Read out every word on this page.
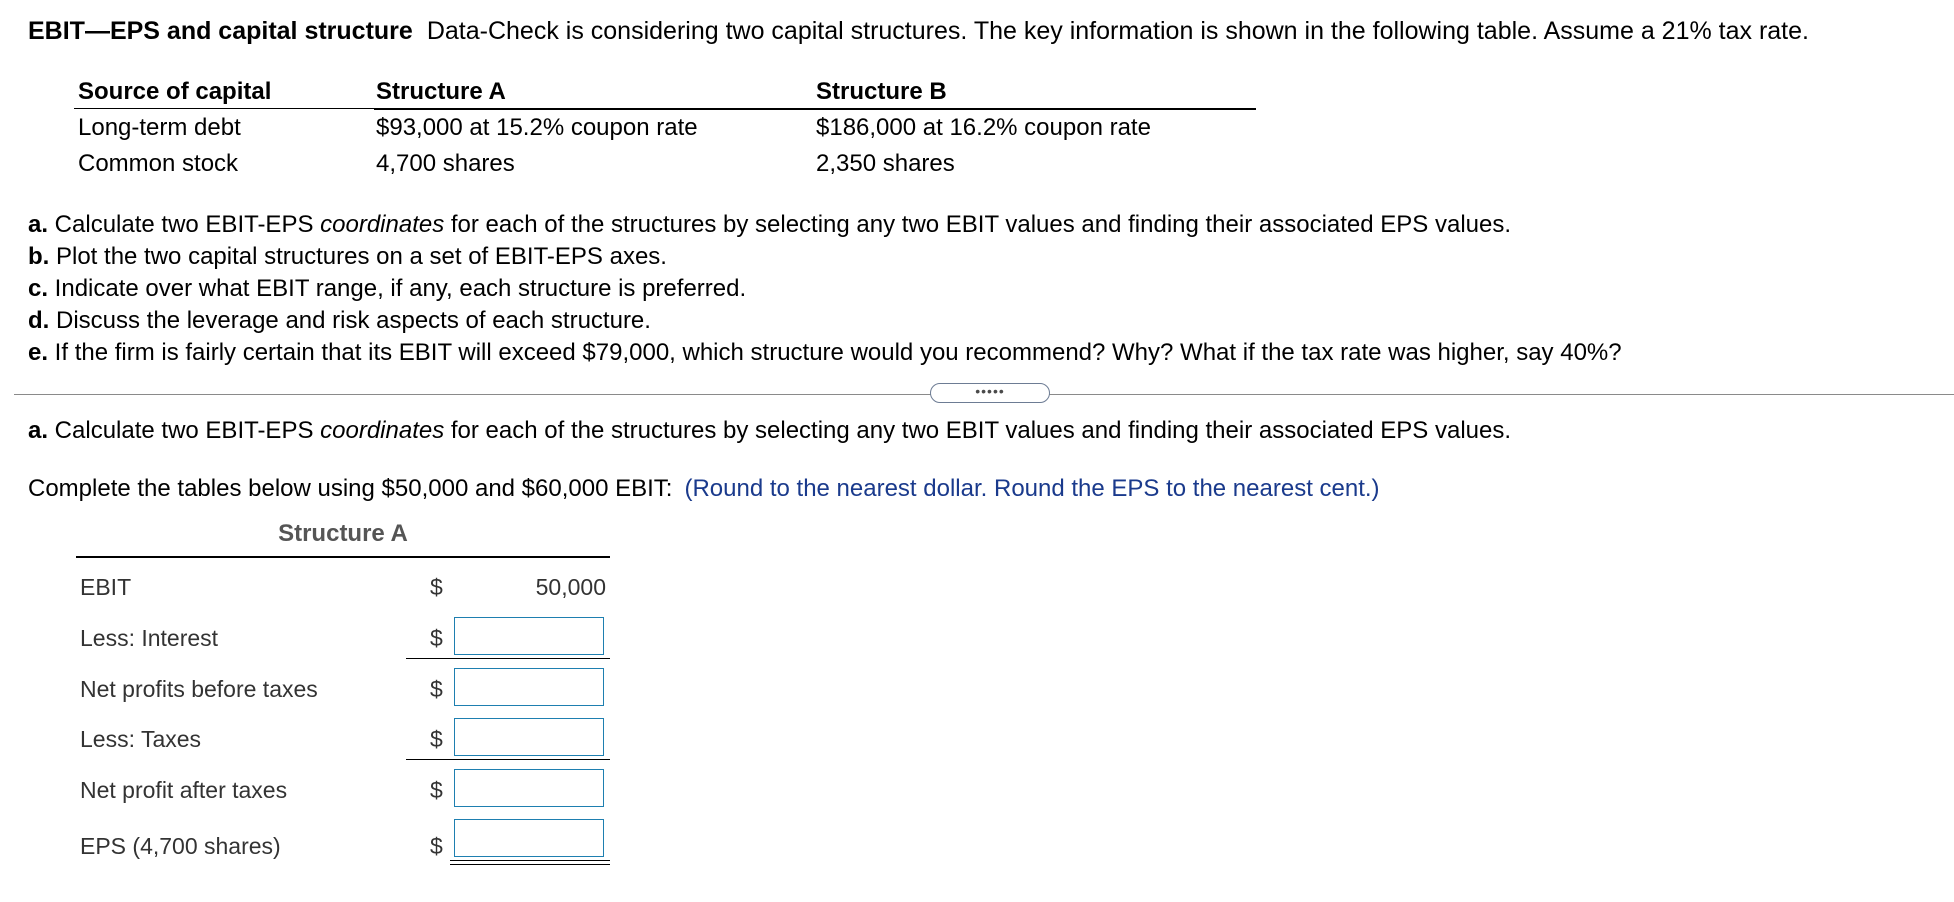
EBIT—EPS and capital structure Data-Check is considering two capital structures. The key information is shown in the following table. Assume a 21% tax rate.
Source of capital	Structure A	Structure B
Long-term debt	$93,000 at 15.2% coupon rate	$186,000 at 16.2% coupon rate
Common stock	4,700 shares	2,350 shares
a. Calculate two EBIT-EPS coordinates for each of the structures by selecting any two EBIT values and finding their associated EPS values.
b. Plot the two capital structures on a set of EBIT-EPS axes.
c. Indicate over what EBIT range, if any, each structure is preferred.
d. Discuss the leverage and risk aspects of each structure.
e. If the firm is fairly certain that its EBIT will exceed $79,000, which structure would you recommend? Why? What if the tax rate was higher, say 40%?
•••••
a. Calculate two EBIT-EPS coordinates for each of the structures by selecting any two EBIT values and finding their associated EPS values.
Complete the tables below using $50,000 and $60,000 EBIT: (Round to the nearest dollar. Round the EPS to the nearest cent.)
Structure A
EBIT	$	50,000
Less: Interest	$
Net profits before taxes	$
Less: Taxes	$
Net profit after taxes	$
EPS (4,700 shares)	$
